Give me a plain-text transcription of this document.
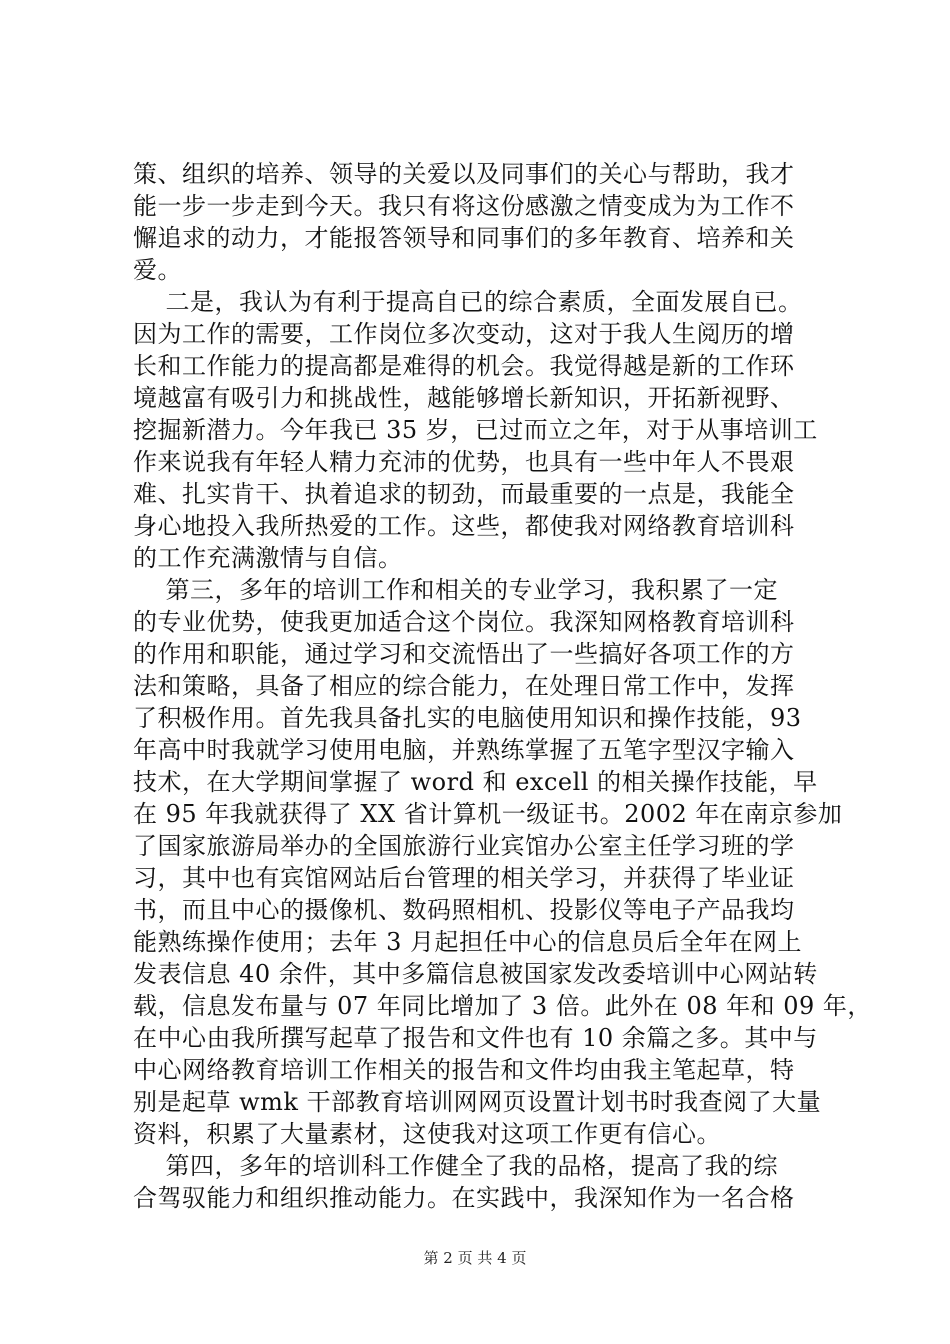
策、组织的培养、领导的关爱以及同事们的关心与帮助，我才
能一步一步走到今天。我只有将这份感激之情变成为为工作不
懈追求的动力，才能报答领导和同事们的多年教育、培养和关
爱。
二是，我认为有利于提高自已的综合素质，全面发展自已。
因为工作的需要，工作岗位多次变动，这对于我人生阅历的增
长和工作能力的提高都是难得的机会。我觉得越是新的工作环
境越富有吸引力和挑战性，越能够增长新知识，开拓新视野、
挖掘新潜力。今年我已 35 岁，已过而立之年，对于从事培训工
作来说我有年轻人精力充沛的优势，也具有一些中年人不畏艰
难、扎实肯干、执着追求的韧劲，而最重要的一点是，我能全
身心地投入我所热爱的工作。这些，都使我对网络教育培训科
的工作充满激情与自信。
第三，多年的培训工作和相关的专业学习，我积累了一定
的专业优势，使我更加适合这个岗位。我深知网格教育培训科
的作用和职能，通过学习和交流悟出了一些搞好各项工作的方
法和策略，具备了相应的综合能力，在处理日常工作中，发挥
了积极作用。首先我具备扎实的电脑使用知识和操作技能，93
年高中时我就学习使用电脑，并熟练掌握了五笔字型汉字输入
技术，在大学期间掌握了 word 和 excell 的相关操作技能，早
在 95 年我就获得了 XX 省计算机一级证书。2002 年在南京参加
了国家旅游局举办的全国旅游行业宾馆办公室主任学习班的学
习，其中也有宾馆网站后台管理的相关学习，并获得了毕业证
书，而且中心的摄像机、数码照相机、投影仪等电子产品我均
能熟练操作使用；去年 3 月起担任中心的信息员后全年在网上
发表信息 40 余件，其中多篇信息被国家发改委培训中心网站转
载，信息发布量与 07 年同比增加了 3 倍。此外在 08 年和 09 年，
在中心由我所撰写起草了报告和文件也有 10 余篇之多。其中与
中心网络教育培训工作相关的报告和文件均由我主笔起草，特
别是起草 wmk 干部教育培训网网页设置计划书时我查阅了大量
资料，积累了大量素材，这使我对这项工作更有信心。
第四，多年的培训科工作健全了我的品格，提高了我的综
合驾驭能力和组织推动能力。在实践中，我深知作为一名合格
第 2 页 共 4 页
